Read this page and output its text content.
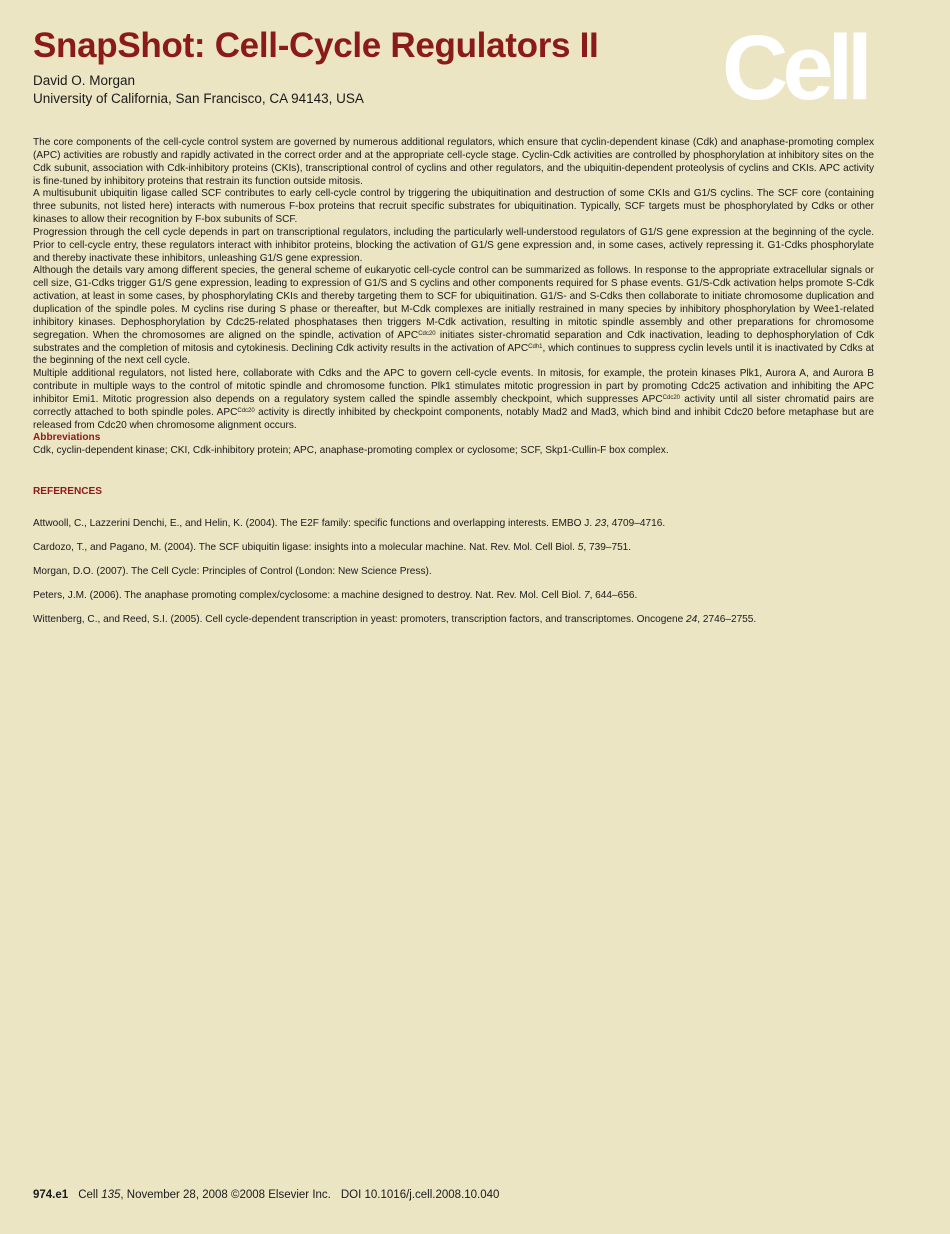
SnapShot: Cell-Cycle Regulators II
David O. Morgan
University of California, San Francisco, CA 94143, USA	Cell

The core components of the cell-cycle control system are governed by numerous additional regulators, which ensure that cyclin-dependent kinase (Cdk) and anaphase-promoting complex (APC) activities are robustly and rapidly activated in the correct order and at the appropriate cell-cycle stage. Cyclin-Cdk activities are controlled by phosphorylation at inhibitory sites on the Cdk subunit, association with Cdk-inhibitory proteins (CKIs), transcriptional control of cyclins and other regulators, and the ubiquitin-dependent proteolysis of cyclins and CKIs. APC activity is fine-tuned by inhibitory proteins that restrain its function outside mitosis.

A multisubunit ubiquitin ligase called SCF contributes to early cell-cycle control by triggering the ubiquitination and destruction of some CKIs and G1/S cyclins. The SCF core (containing three subunits, not listed here) interacts with numerous F-box proteins that recruit specific substrates for ubiquitination. Typically, SCF targets must be phosphorylated by Cdks or other kinases to allow their recognition by F-box subunits of SCF.

Progression through the cell cycle depends in part on transcriptional regulators, including the particularly well-understood regulators of G1/S gene expression at the beginning of the cycle. Prior to cell-cycle entry, these regulators interact with inhibitor proteins, blocking the activation of G1/S gene expression and, in some cases, actively repressing it. G1-Cdks phosphorylate and thereby inactivate these inhibitors, unleashing G1/S gene expression.

Although the details vary among different species, the general scheme of eukaryotic cell-cycle control can be summarized as follows. In response to the appropriate extracellular signals or cell size, G1-Cdks trigger G1/S gene expression, leading to expression of G1/S and S cyclins and other components required for S phase events. G1/S-Cdk activation helps promote S-Cdk activation, at least in some cases, by phosphorylating CKIs and thereby targeting them to SCF for ubiquitination. G1/S- and S-Cdks then collaborate to initiate chromosome duplication and duplication of the spindle poles. M cyclins rise during S phase or thereafter, but M-Cdk complexes are initially restrained in many species by inhibitory phosphorylation by Wee1-related inhibitory kinases. Dephosphorylation by Cdc25-related phosphatases then triggers M-Cdk activation, resulting in mitotic spindle assembly and other preparations for chromosome segregation. When the chromosomes are aligned on the spindle, activation of $APC^{Cdc20}$ initiates sister-chromatid separation and Cdk inactivation, leading to dephosphorylation of Cdk substrates and the completion of mitosis and cytokinesis. Declining Cdk activity results in the activation of $APC^{Cdh1}$, which continues to suppress cyclin levels until it is inactivated by Cdks at the beginning of the next cell cycle.

Multiple additional regulators, not listed here, collaborate with Cdks and the APC to govern cell-cycle events. In mitosis, for example, the protein kinases Plk1, Aurora A, and Aurora B contribute in multiple ways to the control of mitotic spindle and chromosome function. Plk1 stimulates mitotic progression in part by promoting Cdc25 activation and inhibiting the APC inhibitor Emi1. Mitotic progression also depends on a regulatory system called the spindle assembly checkpoint, which suppresses $APC^{Cdc20}$ activity until all sister chromatid pairs are correctly attached to both spindle poles. $APC^{Cdc20}$ activity is directly inhibited by checkpoint components, notably Mad2 and Mad3, which bind and inhibit Cdc20 before metaphase but are released from Cdc20 when chromosome alignment occurs.

Abbreviations

Cdk, cyclin-dependent kinase; CKI, Cdk-inhibitory protein; APC, anaphase-promoting complex or cyclosome; SCF, Skp1-Cullin-F box complex.

REFERENCES
Attwooll, C., Lazzerini Denchi, E., and Helin, K. (2004). The E2F family: specific functions and overlapping interests. EMBO J. 23, 4709–4716.
Cardozo, T., and Pagano, M. (2004). The SCF ubiquitin ligase: insights into a molecular machine. Nat. Rev. Mol. Cell Biol. 5, 739–751.
Morgan, D.O. (2007). The Cell Cycle: Principles of Control (London: New Science Press).
Peters, J.M. (2006). The anaphase promoting complex/cyclosome: a machine designed to destroy. Nat. Rev. Mol. Cell Biol. 7, 644–656.
Wittenberg, C., and Reed, S.I. (2005). Cell cycle-dependent transcription in yeast: promoters, transcription factors, and transcriptomes. Oncogene 24, 2746–2755.
974.e1 Cell 135, November 28, 2008 ©2008 Elsevier Inc. DOI 10.1016/j.cell.2008.10.040
